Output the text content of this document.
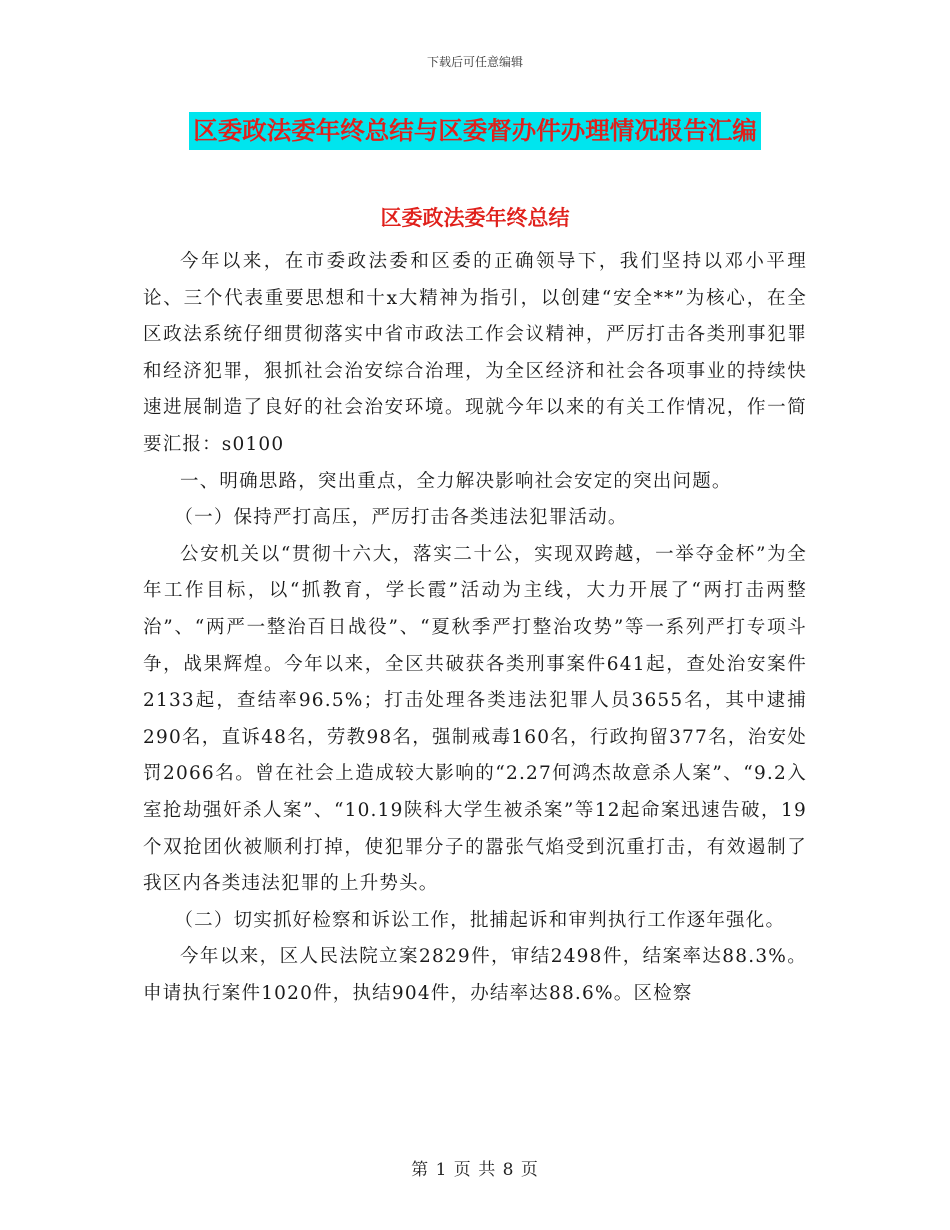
下载后可任意编辑
区委政法委年终总结与区委督办件办理情况报告汇编
区委政法委年终总结

今年以来，在市委政法委和区委的正确领导下，我们坚持以邓小平理论、三个代表重要思想和十x大精神为指引，以创建“安全**”为核心，在全区政法系统仔细贯彻落实中省市政法工作会议精神，严厉打击各类刑事犯罪和经济犯罪，狠抓社会治安综合治理，为全区经济和社会各项事业的持续快速进展制造了良好的社会治安环境。现就今年以来的有关工作情况，作一简要汇报：s0100

一、明确思路，突出重点，全力解决影响社会安定的突出问题。

（一）保持严打高压，严厉打击各类违法犯罪活动。

公安机关以“贯彻十六大，落实二十公，实现双跨越，一举夺金杯”为全年工作目标，以“抓教育，学长霞”活动为主线，大力开展了“两打击两整治”、“两严一整治百日战役”、“夏秋季严打整治攻势”等一系列严打专项斗争，战果辉煌。今年以来，全区共破获各类刑事案件641起，查处治安案件2133起，查结率96.5%；打击处理各类违法犯罪人员3655名，其中逮捕290名，直诉48名，劳教98名，强制戒毒160名，行政拘留377名，治安处罚2066名。曾在社会上造成较大影响的“2.27何鸿杰故意杀人案”、“9.2入室抢劫强奸杀人案”、“10.19陕科大学生被杀案”等12起命案迅速告破，19个双抢团伙被顺利打掉，使犯罪分子的嚣张气焰受到沉重打击，有效遏制了我区内各类违法犯罪的上升势头。

（二）切实抓好检察和诉讼工作，批捕起诉和审判执行工作逐年强化。

今年以来，区人民法院立案2829件，审结2498件，结案率达88.3%。申请执行案件1020件，执结904件，办结率达88.6%。区检察

第 1 页 共 8 页
